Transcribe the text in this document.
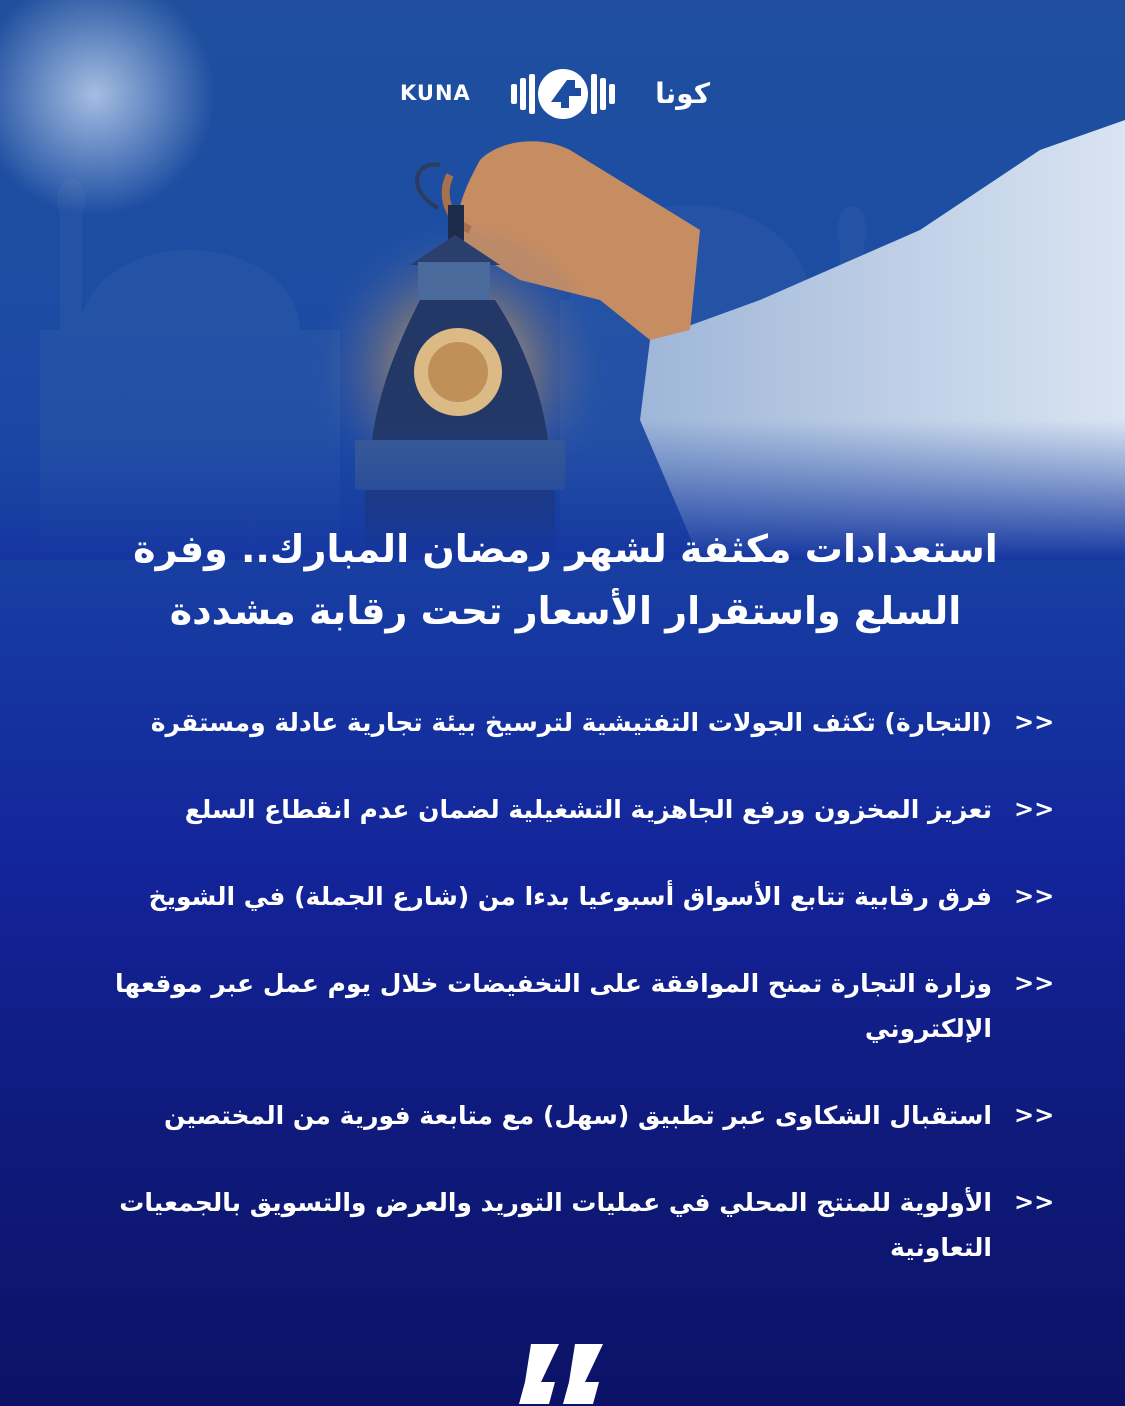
KUNA	كونا
استعدادات مكثفة لشهر رمضان المبارك.. وفرة
السلع واستقرار الأسعار تحت رقابة مشددة
>>
(التجارة) تكثف الجولات التفتيشية لترسيخ بيئة تجارية عادلة ومستقرة
>>
تعزيز المخزون ورفع الجاهزية التشغيلية لضمان عدم انقطاع السلع
>>
فرق رقابية تتابع الأسواق أسبوعيا بدءا من (شارع الجملة) في الشويخ
>>
وزارة التجارة تمنح الموافقة على التخفيضات خلال يوم عمل عبر موقعها الإلكتروني
>>
استقبال الشكاوى عبر تطبيق (سهل) مع متابعة فورية من المختصين
>>
الأولوية للمنتج المحلي في عمليات التوريد والعرض والتسويق بالجمعيات التعاونية
